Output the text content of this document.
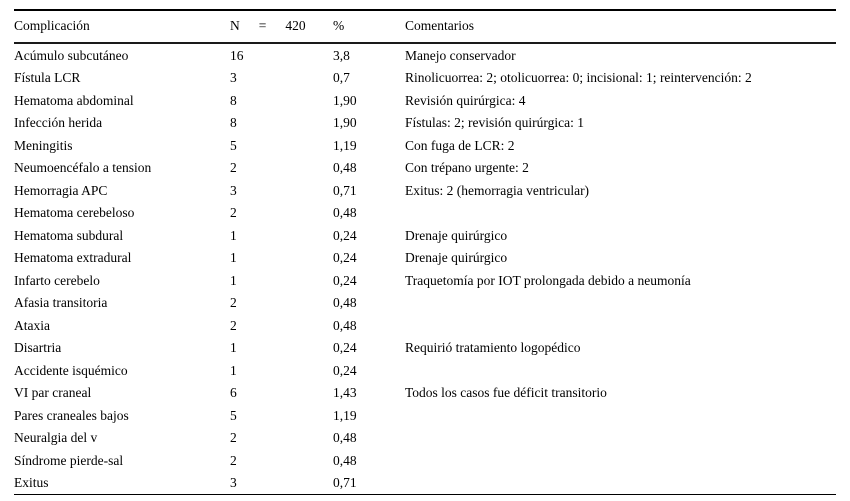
Complicación	N = 420	%	Comentarios
Acúmulo subcutáneo	16	3,8	Manejo conservador
Fístula LCR	3	0,7	Rinolicuorrea: 2; otolicuorrea: 0; incisional: 1; reintervención: 2
Hematoma abdominal	8	1,90	Revisión quirúrgica: 4
Infección herida	8	1,90	Fístulas: 2; revisión quirúrgica: 1
Meningitis	5	1,19	Con fuga de LCR: 2
Neumoencéfalo a tension	2	0,48	Con trépano urgente: 2
Hemorragia APC	3	0,71	Exitus: 2 (hemorragia ventricular)
Hematoma cerebeloso	2	0,48	
Hematoma subdural	1	0,24	Drenaje quirúrgico
Hematoma extradural	1	0,24	Drenaje quirúrgico
Infarto cerebelo	1	0,24	Traquetomía por IOT prolongada debido a neumonía
Afasia transitoria	2	0,48	
Ataxia	2	0,48	
Disartria	1	0,24	Requirió tratamiento logopédico
Accidente isquémico	1	0,24	
VI par craneal	6	1,43	Todos los casos fue déficit transitorio
Pares craneales bajos	5	1,19	
Neuralgia del v	2	0,48	
Síndrome pierde-sal	2	0,48	
Exitus	3	0,71	
